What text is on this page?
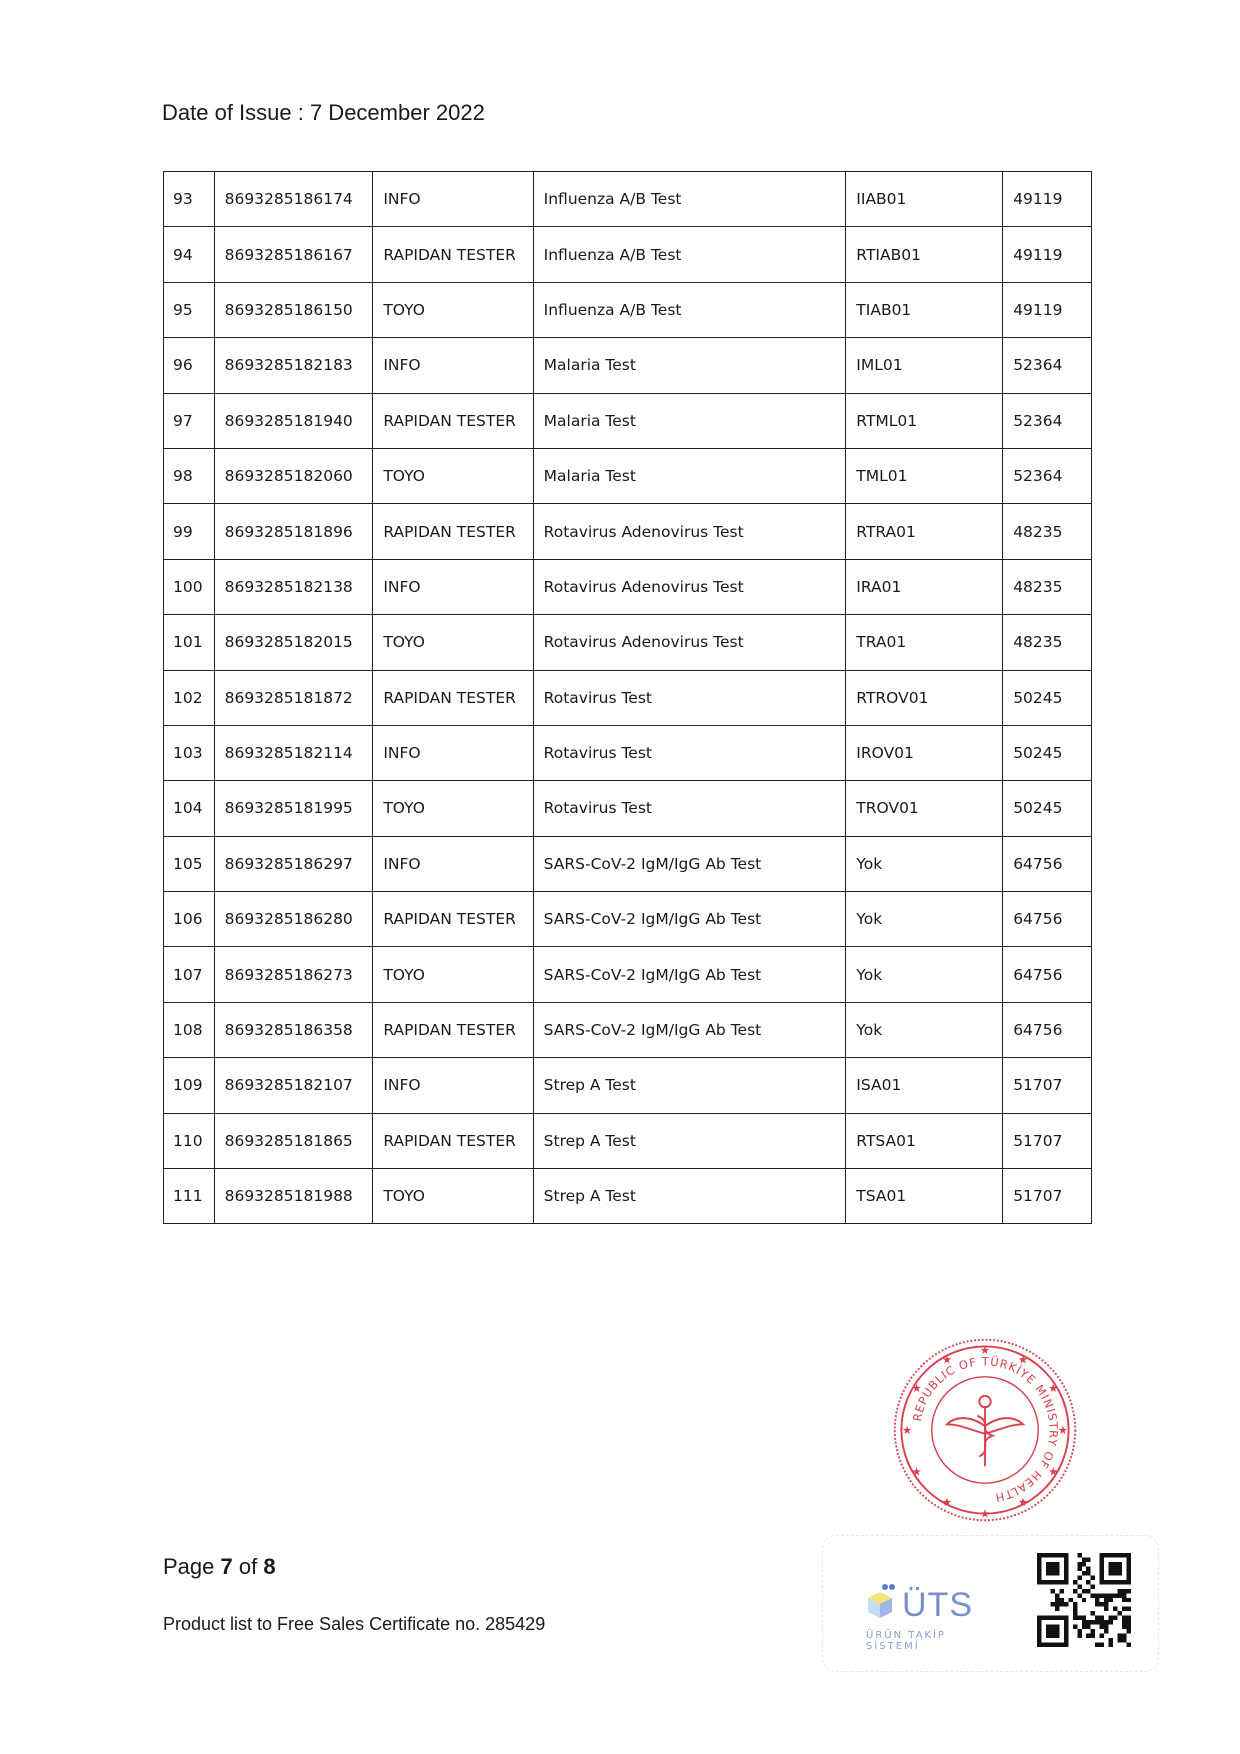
Date of Issue : 7 December 2022
93	8693285186174	INFO	Influenza A/B Test	IIAB01	49119
94	8693285186167	RAPIDAN TESTER	Influenza A/B Test	RTIAB01	49119
95	8693285186150	TOYO	Influenza A/B Test	TIAB01	49119
96	8693285182183	INFO	Malaria Test	IML01	52364
97	8693285181940	RAPIDAN TESTER	Malaria Test	RTML01	52364
98	8693285182060	TOYO	Malaria Test	TML01	52364
99	8693285181896	RAPIDAN TESTER	Rotavirus Adenovirus Test	RTRA01	48235
100	8693285182138	INFO	Rotavirus Adenovirus Test	IRA01	48235
101	8693285182015	TOYO	Rotavirus Adenovirus Test	TRA01	48235
102	8693285181872	RAPIDAN TESTER	Rotavirus Test	RTROV01	50245
103	8693285182114	INFO	Rotavirus Test	IROV01	50245
104	8693285181995	TOYO	Rotavirus Test	TROV01	50245
105	8693285186297	INFO	SARS-CoV-2 IgM/IgG Ab Test	Yok	64756
106	8693285186280	RAPIDAN TESTER	SARS-CoV-2 IgM/IgG Ab Test	Yok	64756
107	8693285186273	TOYO	SARS-CoV-2 IgM/IgG Ab Test	Yok	64756
108	8693285186358	RAPIDAN TESTER	SARS-CoV-2 IgM/IgG Ab Test	Yok	64756
109	8693285182107	INFO	Strep A Test	ISA01	51707
110	8693285181865	RAPIDAN TESTER	Strep A Test	RTSA01	51707
111	8693285181988	TOYO	Strep A Test	TSA01	51707
REPUBLIC OF TÜRKİYE MINISTRY OF HEALTH
★
★
★
★
★
★
★
★
★
★
★
★
Page 7 of 8
Product list to Free Sales Certificate no. 285429	ÜTS
ÜRÜN TAKİP SİSTEMİ
